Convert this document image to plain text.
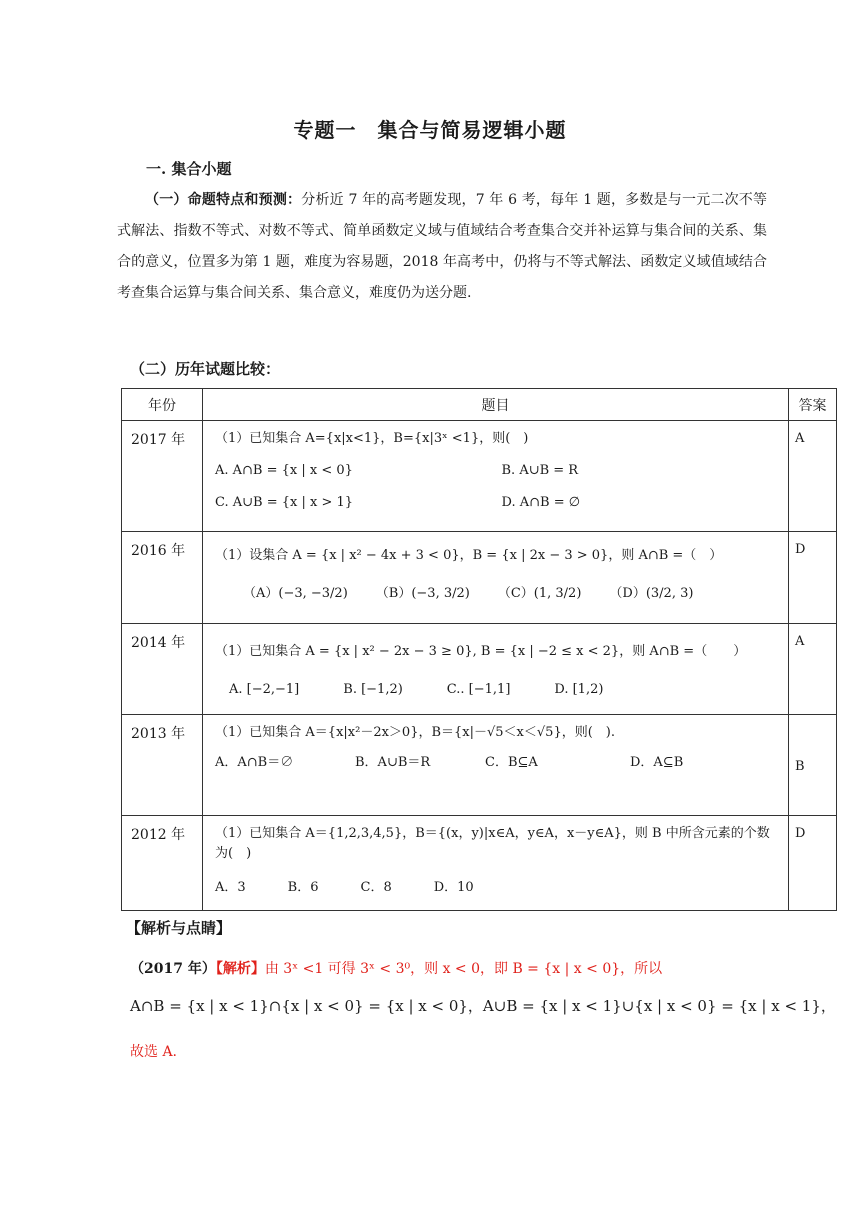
专题一　集合与简易逻辑小题
一. 集合小题
（一）命题特点和预测：分析近 7 年的高考题发现，7 年 6 考，每年 1 题，多数是与一元二次不等式解法、指数不等式、对数不等式、简单函数定义域与值域结合考查集合交并补运算与集合间的关系、集合的意义，位置多为第 1 题，难度为容易题，2018 年高考中，仍将与不等式解法、函数定义域值域结合考查集合运算与集合间关系、集合意义，难度仍为送分题.
（二）历年试题比较：
年份	题目	答案
2017 年	（1）已知集合 A={x|x<1}，B={x|3ˣ <1}，则(　)
A. A∩B = {x | x < 0} B. A∪B = R
C. A∪B = {x | x > 1} D. A∩B = ∅	A
2016 年	（1）设集合 A = {x | x² − 4x + 3 < 0}，B = {x | 2x − 3 > 0}，则 A∩B =（　）
（A）(−3, −3/2) （B）(−3, 3/2) （C）(1, 3/2) （D）(3/2, 3)	D
2014 年	（1）已知集合 A = {x | x² − 2x − 3 ≥ 0}, B = {x | −2 ≤ x < 2}，则 A∩B =（　　）
A. [−2,−1] B. [−1,2) C.. [−1,1] D. [1,2)	A
2013 年	（1）已知集合 A＝{x|x²－2x＞0}，B＝{x|－√5＜x＜√5}，则(　).
A．A∩B＝∅ B．A∪B＝R C．B⊆A D．A⊆B	B
2012 年	（1）已知集合 A＝{1,2,3,4,5}，B＝{(x，y)|x∈A，y∈A，x－y∈A}，则 B 中所含元素的个数为(　)
A．3 B．6 C．8 D．10	D
【解析与点睛】
（2017 年）【解析】由 3ˣ <1 可得 3ˣ < 3⁰，则 x < 0，即 B = {x | x < 0}，所以
A∩B = {x | x < 1}∩{x | x < 0} = {x | x < 0}，A∪B = {x | x < 1}∪{x | x < 0} = {x | x < 1}，
故选 A.
